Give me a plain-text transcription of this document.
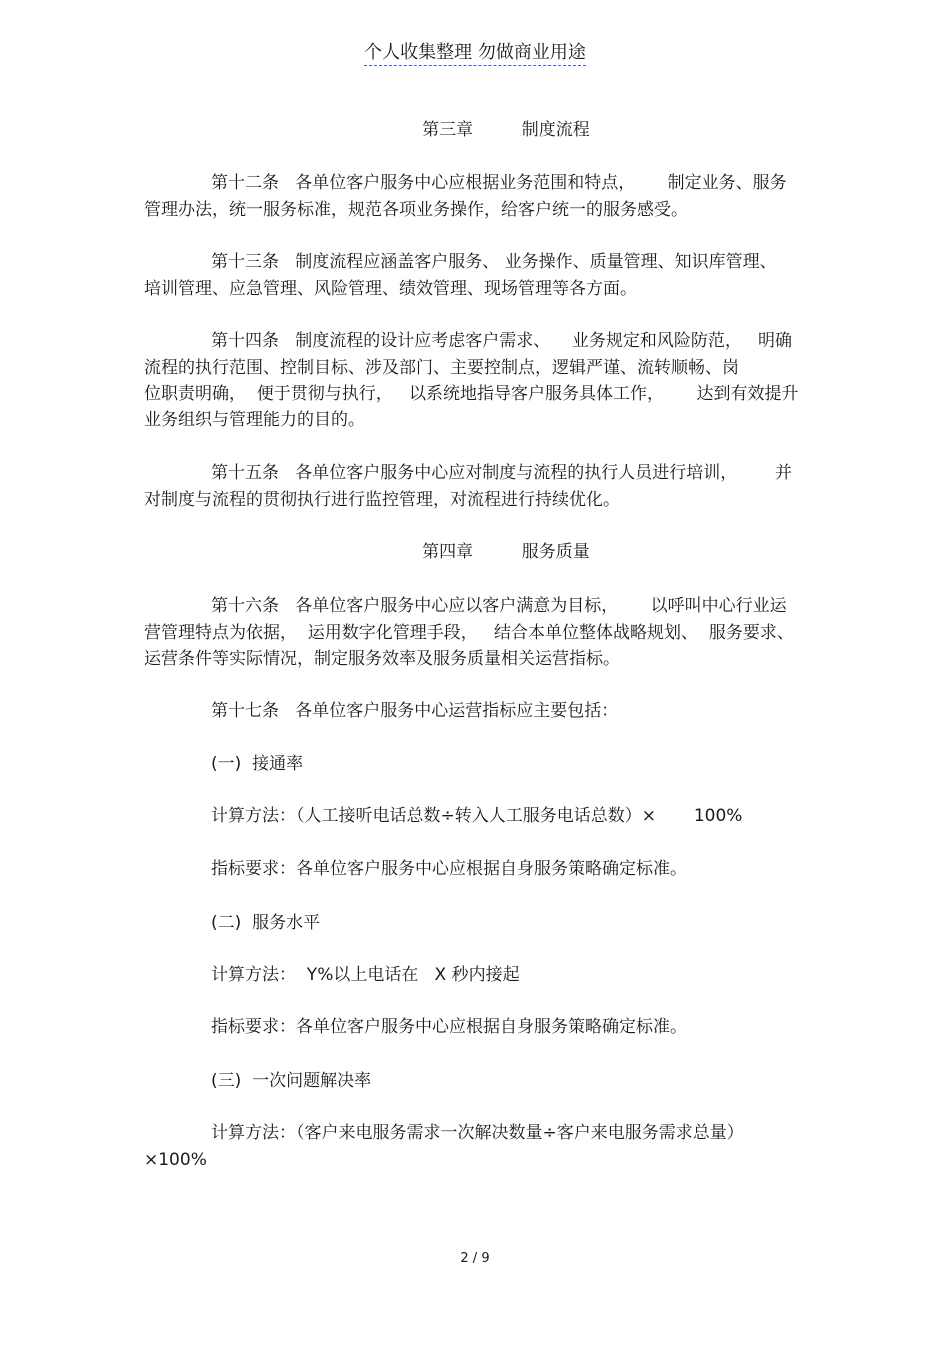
个人收集整理 勿做商业用途
第三章         制度流程
第十二条   各单位客户服务中心应根据业务范围和特点，      制定业务、服务
管理办法，统一服务标准，规范各项业务操作，给客户统一的服务感受。
第十三条   制度流程应涵盖客户服务、 业务操作、质量管理、知识库管理、
培训管理、应急管理、风险管理、绩效管理、现场管理等各方面。
第十四条   制度流程的设计应考虑客户需求、    业务规定和风险防范，   明确
流程的执行范围、控制目标、涉及部门、主要控制点，逻辑严谨、流转顺畅、岗
位职责明确，  便于贯彻与执行，   以系统地指导客户服务具体工作，      达到有效提升
业务组织与管理能力的目的。
第十五条   各单位客户服务中心应对制度与流程的执行人员进行培训，       并
对制度与流程的贯彻执行进行监控管理，对流程进行持续优化。
第四章         服务质量
第十六条   各单位客户服务中心应以客户满意为目标，      以呼叫中心行业运
营管理特点为依据，  运用数字化管理手段，   结合本单位整体战略规划、  服务要求、
运营条件等实际情况，制定服务效率及服务质量相关运营指标。
第十七条   各单位客户服务中心运营指标应主要包括：
(一)  接通率
计算方法：（人工接听电话总数÷转入人工服务电话总数）×       100%
指标要求：各单位客户服务中心应根据自身服务策略确定标准。
(二)  服务水平
计算方法：  Y%以上电话在   X 秒内接起
指标要求：各单位客户服务中心应根据自身服务策略确定标准。
(三)  一次问题解决率
计算方法：（客户来电服务需求一次解决数量÷客户来电服务需求总量）
×100%
2 / 9
